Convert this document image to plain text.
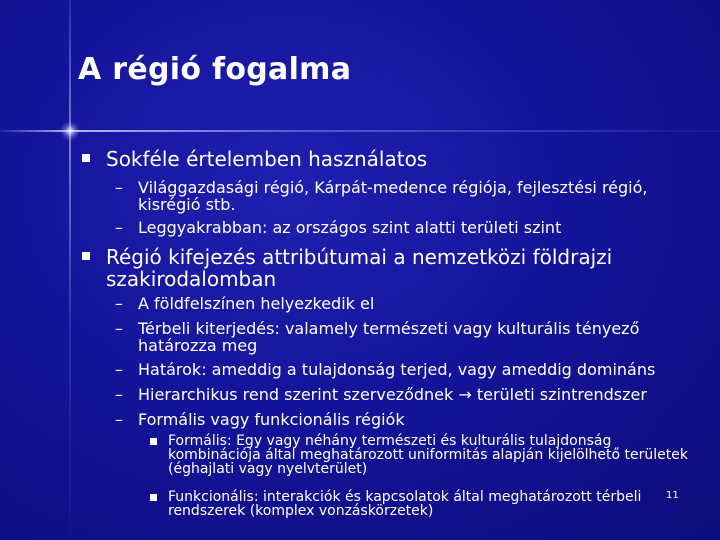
A régió fogalma
Sokféle értelemben használatos
– Világgazdasági régió, Kárpát-medence régiója, fejlesztési régió, kisrégió stb.
– Leggyakrabban: az országos szint alatti területi szint
Régió kifejezés attribútumai a nemzetközi földrajzi szakirodalomban
– A földfelszínen helyezkedik el
– Térbeli kiterjedés: valamely természeti vagy kulturális tényező határozza meg
– Határok: ameddig a tulajdonság terjed, vagy ameddig domináns
– Hierarchikus rend szerint szerveződnek → területi szintrendszer
– Formális vagy funkcionális régiók
Formális: Egy vagy néhány természeti és kulturális tulajdonság kombinációja által meghatározott uniformitás alapján kijelölhető területek (éghajlati vagy nyelvterület)
Funkcionális: interakciók és kapcsolatok által meghatározott térbeli rendszerek (komplex vonzáskörzetek)
11
